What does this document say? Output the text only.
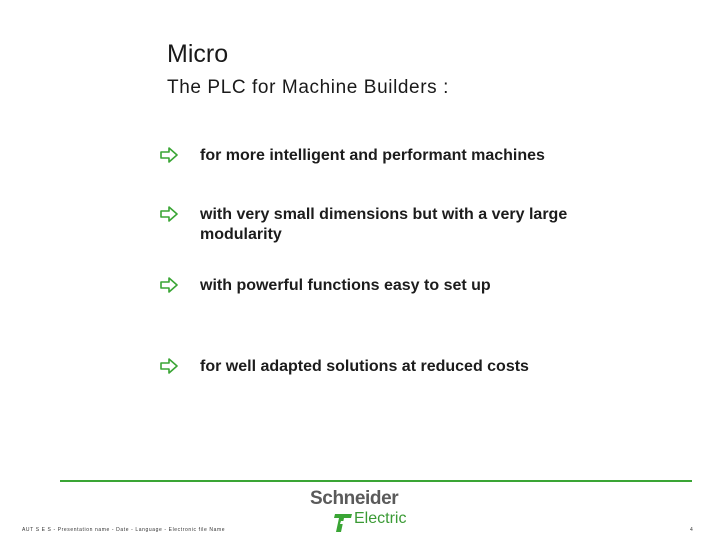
Micro
The PLC for Machine Builders :
for more intelligent and performant machines
with very small dimensions but with a very large modularity
with powerful functions easy to set up
for well adapted solutions at reduced costs
Schneider
Electric
AUT S E S - Presentation name - Date - Language - Electronic file Name	4
